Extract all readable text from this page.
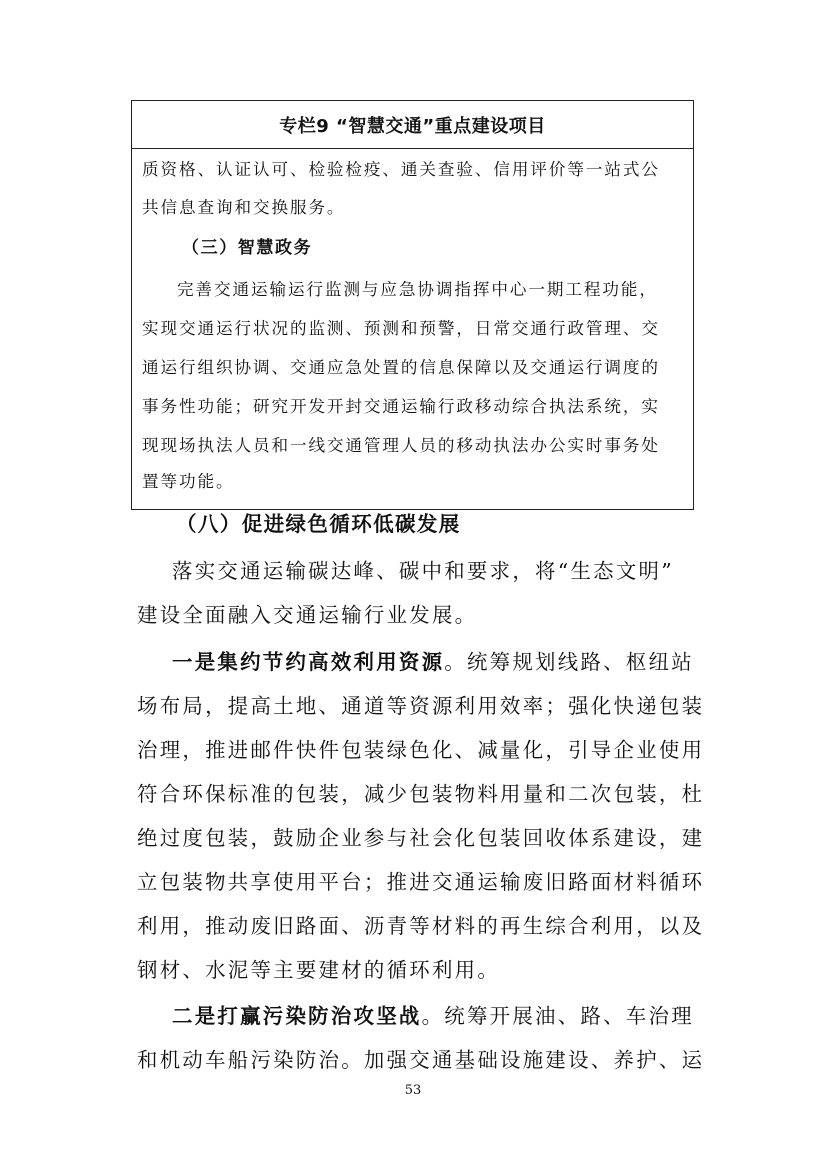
专栏9 “智慧交通”重点建设项目
质资格、认证认可、检验检疫、通关查验、信用评价等一站式公
共信息查询和交换服务。
（三）智慧政务
完善交通运输运行监测与应急协调指挥中心一期工程功能，
实现交通运行状况的监测、预测和预警，日常交通行政管理、交
通运行组织协调、交通应急处置的信息保障以及交通运行调度的
事务性功能；研究开发开封交通运输行政移动综合执法系统，实
现现场执法人员和一线交通管理人员的移动执法办公实时事务处
置等功能。
（八）促进绿色循环低碳发展
落实交通运输碳达峰、碳中和要求，将“生态文明”
建设全面融入交通运输行业发展。
一是集约节约高效利用资源。统筹规划线路、枢纽站
场布局，提高土地、通道等资源利用效率；强化快递包装
治理，推进邮件快件包装绿色化、减量化，引导企业使用
符合环保标准的包装，减少包装物料用量和二次包装，杜
绝过度包装，鼓励企业参与社会化包装回收体系建设，建
立包装物共享使用平台；推进交通运输废旧路面材料循环
利用，推动废旧路面、沥青等材料的再生综合利用，以及
钢材、水泥等主要建材的循环利用。
二是打赢污染防治攻坚战。统筹开展油、路、车治理
和机动车船污染防治。加强交通基础设施建设、养护、运
53
